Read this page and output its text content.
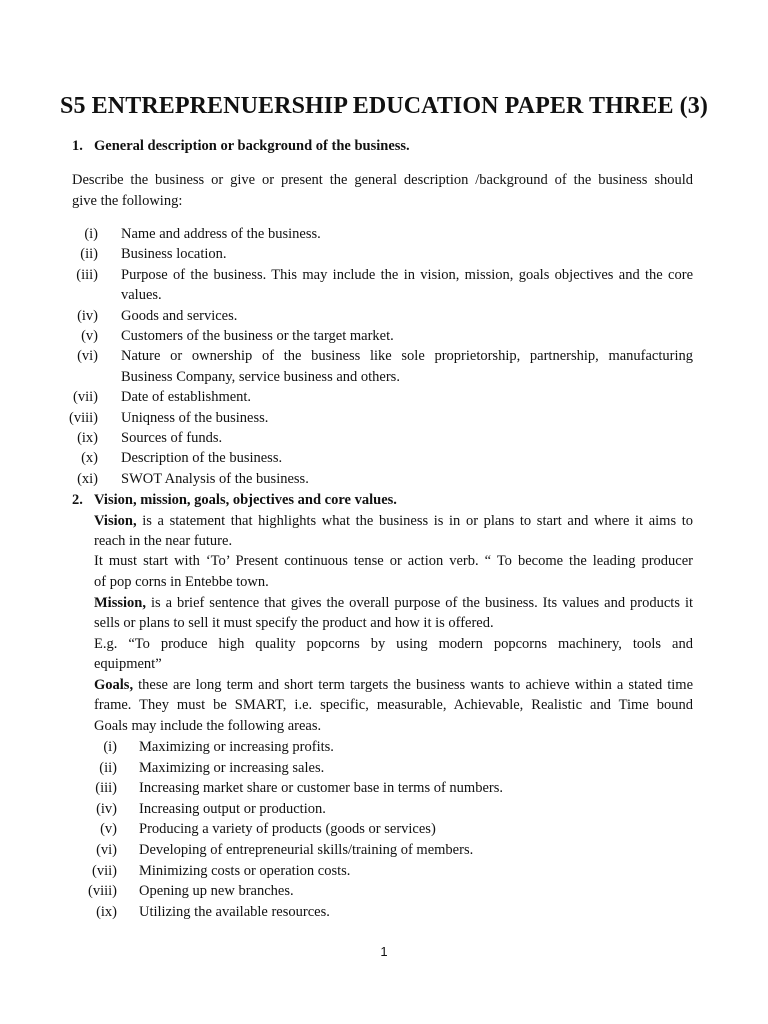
S5 ENTREPRENUERSHIP EDUCATION PAPER THREE (3)
1. General description or background of the business.
Describe the business or give or present the general description /background of the business should
give the following:
(i) Name and address of the business.
(ii) Business location.
(iii) Purpose of the business. This may include the in vision, mission, goals objectives and the core
values.
(iv) Goods and services.
(v) Customers of the business or the target market.
(vi) Nature or ownership of the business like sole proprietorship, partnership, manufacturing
Business Company, service business and others.
(vii) Date of establishment.
(viii) Uniqness of the business.
(ix) Sources of funds.
(x) Description of the business.
(xi) SWOT Analysis of the business.
2. Vision, mission, goals, objectives and core values.
Vision, is a statement that highlights what the business is in or plans to start and where it aims to
reach in the near future.
It must start with ‘To’ Present continuous tense or action verb. “ To become the leading producer
of pop corns in Entebbe town.
Mission, is a brief sentence that gives the overall purpose of the business. Its values and products it
sells or plans to sell it must specify the product and how it is offered.
E.g. “To produce high quality popcorns by using modern popcorns machinery, tools and
equipment”
Goals, these are long term and short term targets the business wants to achieve within a stated time
frame. They must be SMART, i.e. specific, measurable, Achievable, Realistic and Time bound
Goals may include the following areas.
(i) Maximizing or increasing profits.
(ii) Maximizing or increasing sales.
(iii) Increasing market share or customer base in terms of numbers.
(iv) Increasing output or production.
(v) Producing a variety of products (goods or services)
(vi) Developing of entrepreneurial skills/training of members.
(vii) Minimizing costs or operation costs.
(viii) Opening up new branches.
(ix) Utilizing the available resources.
1
